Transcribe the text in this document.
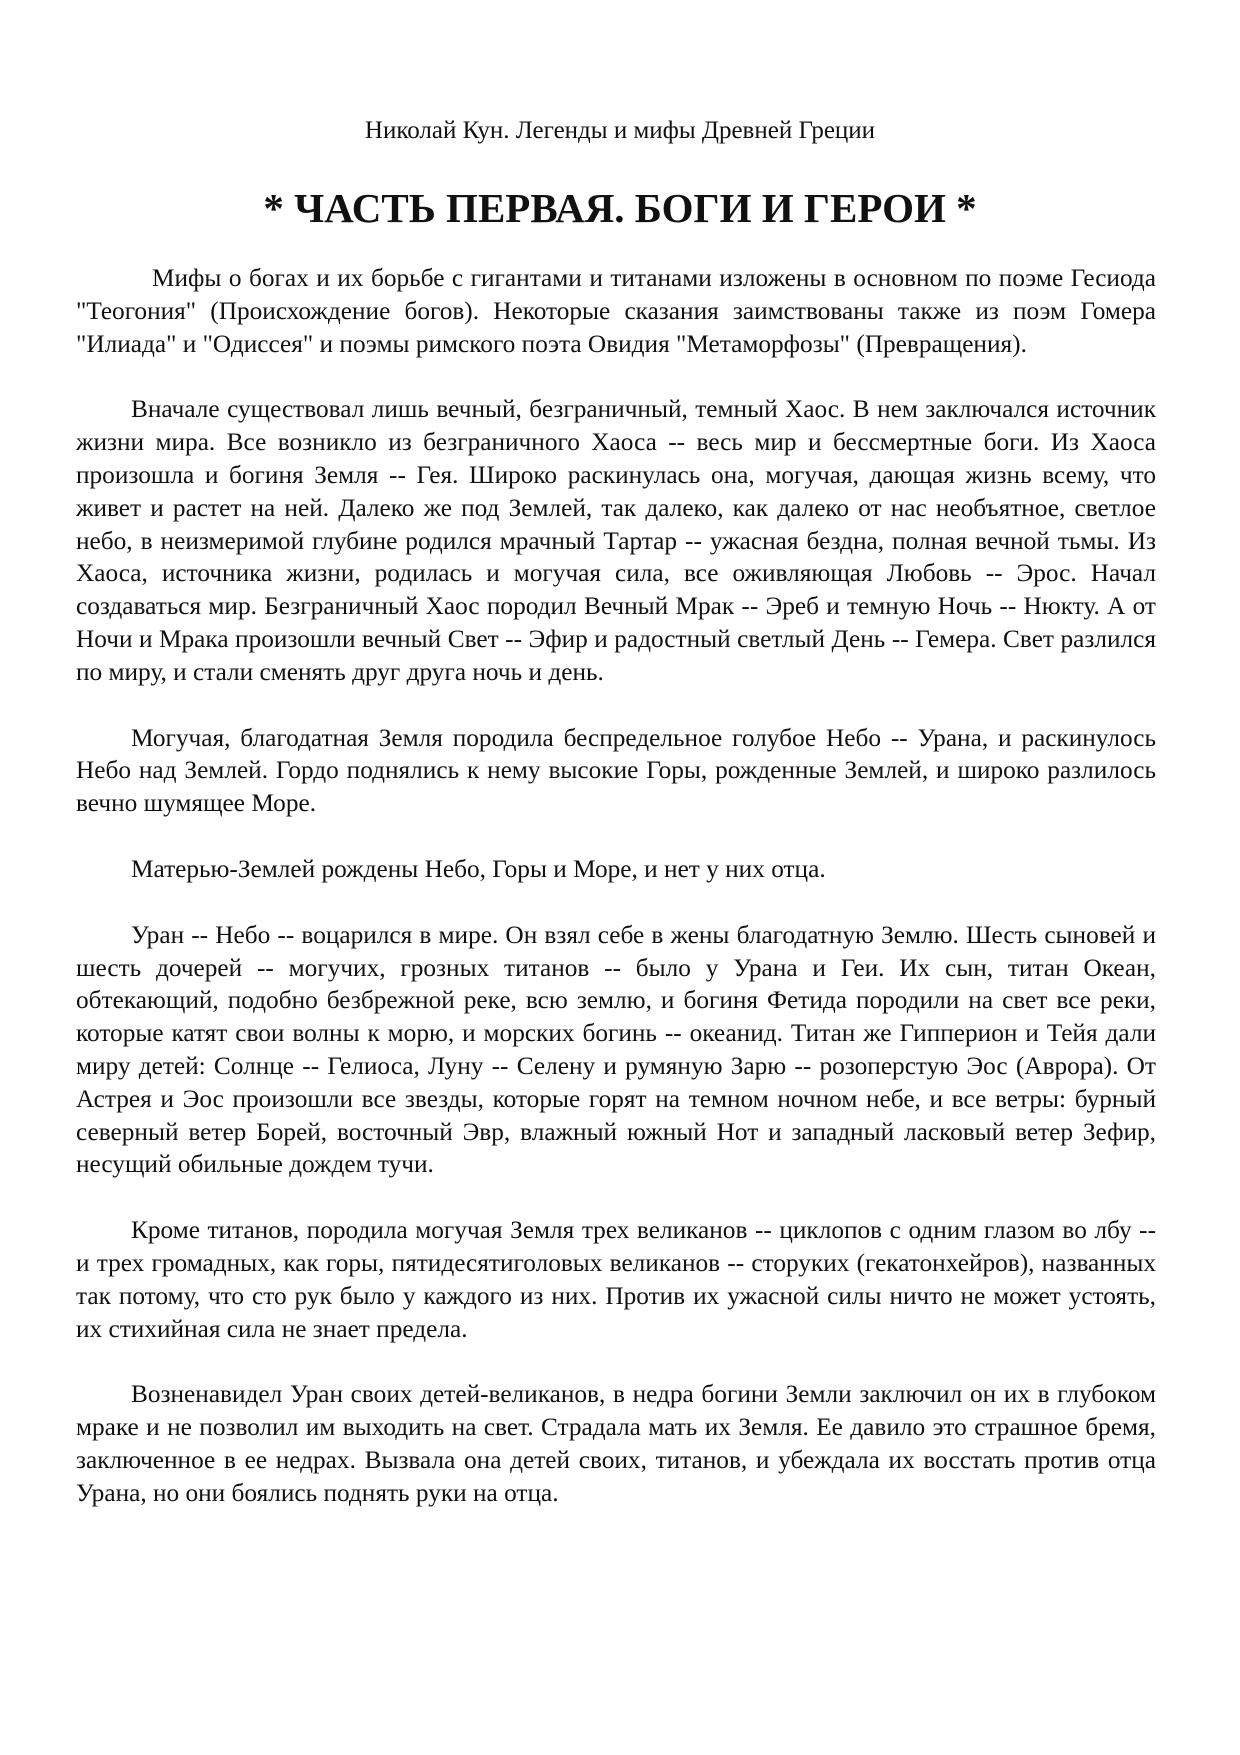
Николай Кун. Легенды и мифы Древней Греции
* ЧАСТЬ ПЕРВАЯ. БОГИ И ГЕРОИ *

Мифы о богах и их борьбе с гигантами и титанами изложены в основном по поэме Гесиода "Теогония" (Происхождение богов). Некоторые сказания заимствованы также из поэм Гомера "Илиада" и "Одиссея" и поэмы римского поэта Овидия "Метаморфозы" (Превращения).

Вначале существовал лишь вечный, безграничный, темный Хаос. В нем заключался источник жизни мира. Все возникло из безграничного Хаоса -- весь мир и бессмертные боги. Из Хаоса произошла и богиня Земля -- Гея. Широко раскинулась она, могучая, дающая жизнь всему, что живет и растет на ней. Далеко же под Землей, так далеко, как далеко от нас необъятное, светлое небо, в неизмеримой глубине родился мрачный Тартар -- ужасная бездна, полная вечной тьмы. Из Хаоса, источника жизни, родилась и могучая сила, все оживляющая Любовь -- Эрос. Начал создаваться мир. Безграничный Хаос породил Вечный Мрак -- Эреб и темную Ночь -- Нюкту. А от Ночи и Мрака произошли вечный Свет -- Эфир и радостный светлый День -- Гемера. Свет разлился по миру, и стали сменять друг друга ночь и день.

Могучая, благодатная Земля породила беспредельное голубое Небо -- Урана, и раскинулось Небо над Землей. Гордо поднялись к нему высокие Горы, рожденные Землей, и широко разлилось вечно шумящее Море.

Матерью-Землей рождены Небо, Горы и Море, и нет у них отца.

Уран -- Небо -- воцарился в мире. Он взял себе в жены благодатную Землю. Шесть сыновей и шесть дочерей -- могучих, грозных титанов -- было у Урана и Геи. Их сын, титан Океан, обтекающий, подобно безбрежной реке, всю землю, и богиня Фетида породили на свет все реки, которые катят свои волны к морю, и морских богинь -- океанид. Титан же Гипперион и Тейя дали миру детей: Солнце -- Гелиоса, Луну -- Селену и румяную Зарю -- розоперстую Эос (Аврора). От Астрея и Эос произошли все звезды, которые горят на темном ночном небе, и все ветры: бурный северный ветер Борей, восточный Эвр, влажный южный Нот и западный ласковый ветер Зефир, несущий обильные дождем тучи.

Кроме титанов, породила могучая Земля трех великанов -- циклопов с одним глазом во лбу -- и трех громадных, как горы, пятидесятиголовых великанов -- сторуких (гекатонхейров), названных так потому, что сто рук было у каждого из них. Против их ужасной силы ничто не может устоять, их стихийная сила не знает предела.

Возненавидел Уран своих детей-великанов, в недра богини Земли заключил он их в глубоком мраке и не позволил им выходить на свет. Страдала мать их Земля. Ее давило это страшное бремя, заключенное в ее недрах. Вызвала она детей своих, титанов, и убеждала их восстать против отца Урана, но они боялись поднять руки на отца.
